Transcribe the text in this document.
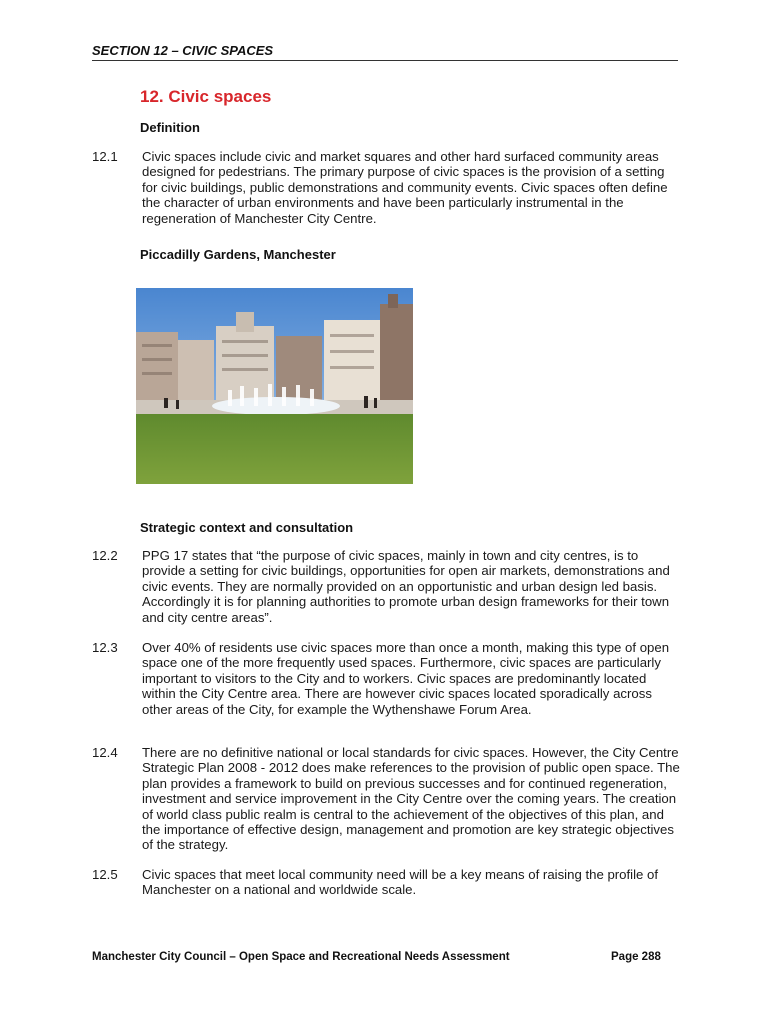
SECTION 12 – CIVIC SPACES
12. Civic spaces
Definition
12.1 Civic spaces include civic and market squares and other hard surfaced community areas designed for pedestrians. The primary purpose of civic spaces is the provision of a setting for civic buildings, public demonstrations and community events. Civic spaces often define the character of urban environments and have been particularly instrumental in the regeneration of Manchester City Centre.
Piccadilly Gardens, Manchester
Strategic context and consultation
12.2 PPG 17 states that “the purpose of civic spaces, mainly in town and city centres, is to provide a setting for civic buildings, opportunities for open air markets, demonstrations and civic events. They are normally provided on an opportunistic and urban design led basis. Accordingly it is for planning authorities to promote urban design frameworks for their town and city centre areas”.
12.3 Over 40% of residents use civic spaces more than once a month, making this type of open space one of the more frequently used spaces. Furthermore, civic spaces are particularly important to visitors to the City and to workers. Civic spaces are predominantly located within the City Centre area. There are however civic spaces located sporadically across other areas of the City, for example the Wythenshawe Forum Area.
12.4 There are no definitive national or local standards for civic spaces. However, the City Centre Strategic Plan 2008 - 2012 does make references to the provision of public open space. The plan provides a framework to build on previous successes and for continued regeneration, investment and service improvement in the City Centre over the coming years. The creation of world class public realm is central to the achievement of the objectives of this plan, and the importance of effective design, management and promotion are key strategic objectives of the strategy.
12.5 Civic spaces that meet local community need will be a key means of raising the profile of Manchester on a national and worldwide scale.
Manchester City Council – Open Space and Recreational Needs Assessment	Page 288
